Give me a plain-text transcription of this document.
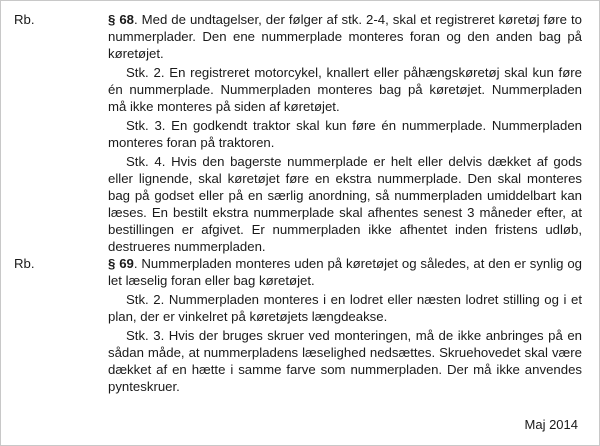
Rb.	§ 68. Med de undtagelser, der følger af stk. 2-4, skal et registreret køretøj føre to nummerplader. Den ene nummerplade monteres foran og den anden bag på køretøjet.

Stk. 2. En registreret motorcykel, knallert eller påhængskøretøj skal kun føre én nummerplade. Nummerpladen monteres bag på køretøjet. Nummerpladen må ikke monteres på siden af køretøjet.

Stk. 3. En godkendt traktor skal kun føre én nummerplade. Nummerpladen monteres foran på traktoren.

Stk. 4. Hvis den bagerste nummerplade er helt eller delvis dækket af gods eller lignende, skal køretøjet føre en ekstra nummerplade. Den skal monteres bag på godset eller på en særlig anordning, så nummerpladen umiddelbart kan læses. En bestilt ekstra nummerplade skal afhentes senest 3 måneder efter, at bestillingen er afgivet. Er nummerpladen ikke afhentet inden fristens udløb, destrueres nummerpladen.

Rb.	§ 69. Nummerpladen monteres uden på køretøjet og således, at den er synlig og let læselig foran eller bag køretøjet.

Stk. 2. Nummerpladen monteres i en lodret eller næsten lodret stilling og i et plan, der er vinkelret på køretøjets længdeakse.

Stk. 3. Hvis der bruges skruer ved monteringen, må de ikke anbringes på en sådan måde, at nummerpladens læselighed nedsættes. Skruehovedet skal være dækket af en hætte i samme farve som nummerpladen. Der må ikke anvendes pynteskruer.

Maj 2014
